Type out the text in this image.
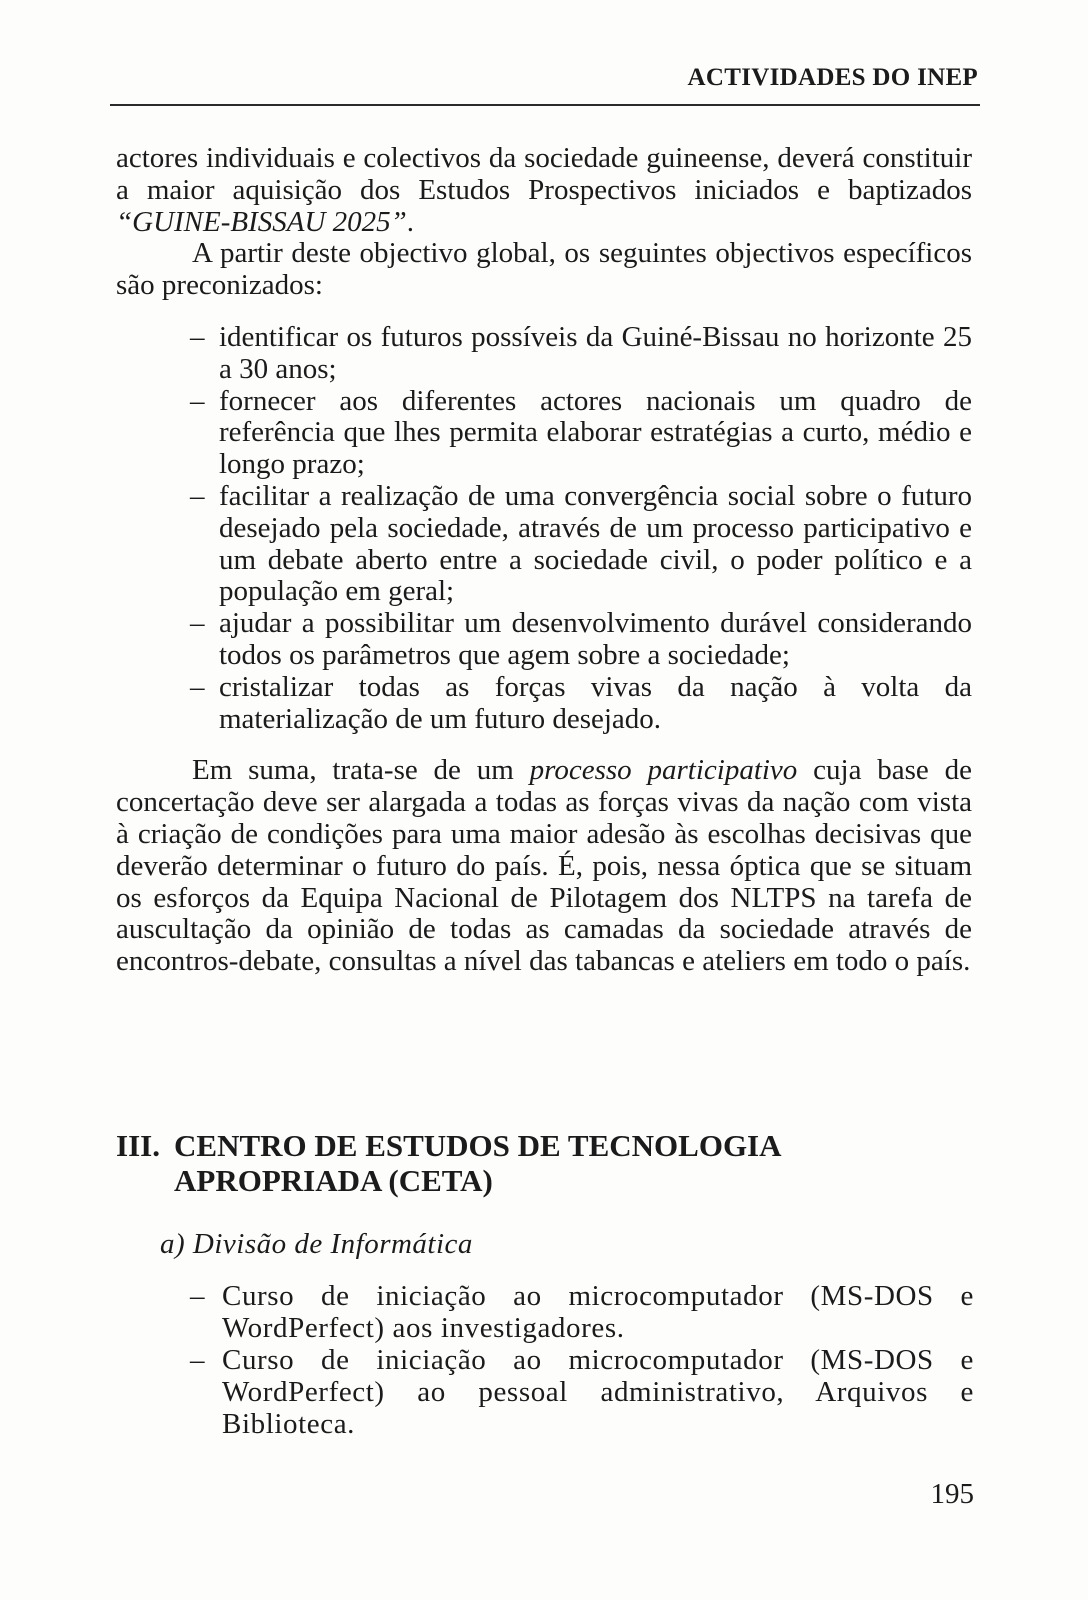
ACTIVIDADES DO INEP

actores individuais e colectivos da sociedade guineense, deverá constituir a maior aquisição dos Estudos Prospectivos iniciados e baptizados “GUINE-BISSAU 2025”.

A partir deste objectivo global, os seguintes objectivos específicos são preconizados:

– identificar os futuros possíveis da Guiné-Bissau no horizonte 25 a 30 anos;
– fornecer aos diferentes actores nacionais um quadro de referência que lhes permita elaborar estratégias a curto, médio e longo prazo;
– facilitar a realização de uma convergência social sobre o futuro desejado pela sociedade, através de um processo participativo e um debate aberto entre a sociedade civil, o poder político e a população em geral;
– ajudar a possibilitar um desenvolvimento durável considerando todos os parâmetros que agem sobre a sociedade;
– cristalizar todas as forças vivas da nação à volta da materialização de um futuro desejado.

Em suma, trata-se de um processo participativo cuja base de concertação deve ser alargada a todas as forças vivas da nação com vista à criação de condições para uma maior adesão às escolhas decisivas que deverão determinar o futuro do país. É, pois, nessa óptica que se situam os esforços da Equipa Nacional de Pilotagem dos NLTPS na tarefa de auscultação da opinião de todas as camadas da sociedade através de encontros-debate, consultas a nível das tabancas e ateliers em todo o país.

III. CENTRO DE ESTUDOS DE TECNOLOGIA
APROPRIADA (CETA)
a) Divisão de Informática
– Curso de iniciação ao microcomputador (MS-DOS e WordPerfect) aos investigadores.
– Curso de iniciação ao microcomputador (MS-DOS e WordPerfect) ao pessoal administrativo, Arquivos e Biblioteca.
195
